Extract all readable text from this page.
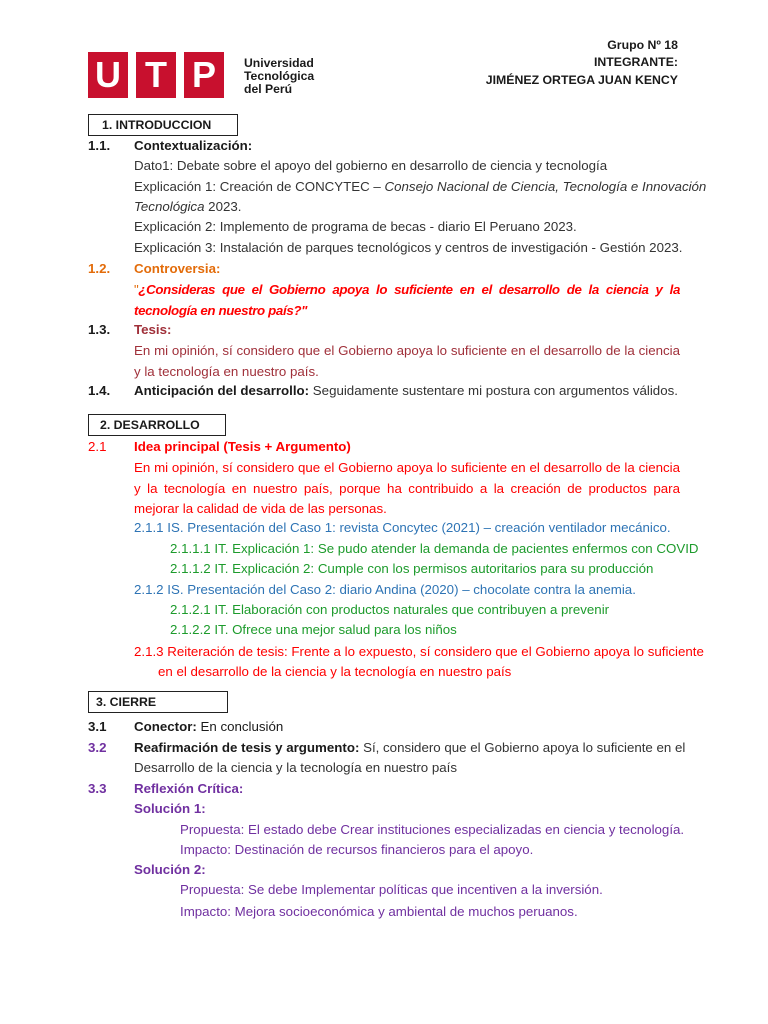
U T P	Universidad
Tecnológica
del Perú
Grupo Nº 18
INTEGRANTE:
JIMÉNEZ ORTEGA JUAN KENCY
1. INTRODUCCION
1.1. Contextualización:
Dato1: Debate sobre el apoyo del gobierno en desarrollo de ciencia y tecnología
Explicación 1: Creación de CONCYTEC – Consejo Nacional de Ciencia, Tecnología e Innovación
Tecnológica 2023.
Explicación 2: Implemento de programa de becas - diario El Peruano 2023.
Explicación 3: Instalación de parques tecnológicos y centros de investigación - Gestión 2023.
1.2. Controversia:
"¿Consideras que el Gobierno apoya lo suficiente en el desarrollo de la ciencia y la tecnología en nuestro país?"
1.3. Tesis:
En mi opinión, sí considero que el Gobierno apoya lo suficiente en el desarrollo de la ciencia y la tecnología en nuestro país.
1.4. Anticipación del desarrollo: Seguidamente sustentare mi postura con argumentos válidos.
2. DESARROLLO
2.1 Idea principal (Tesis + Argumento)
En mi opinión, sí considero que el Gobierno apoya lo suficiente en el desarrollo de la ciencia y la tecnología en nuestro país, porque ha contribuido a la creación de productos para mejorar la calidad de vida de las personas.
2.1.1 IS. Presentación del Caso 1: revista Concytec (2021) – creación ventilador mecánico.
2.1.1.1 IT. Explicación 1: Se pudo atender la demanda de pacientes enfermos con COVID
2.1.1.2 IT. Explicación 2: Cumple con los permisos autoritarios para su producción
2.1.2 IS. Presentación del Caso 2: diario Andina (2020) – chocolate contra la anemia.
2.1.2.1 IT. Elaboración con productos naturales que contribuyen a prevenir
2.1.2.2 IT. Ofrece una mejor salud para los niños
2.1.3 Reiteración de tesis: Frente a lo expuesto, sí considero que el Gobierno apoya lo suficiente
en el desarrollo de la ciencia y la tecnología en nuestro país
3. CIERRE
3.1 Conector: En conclusión
3.2 Reafirmación de tesis y argumento: Sí, considero que el Gobierno apoya lo suficiente en el
Desarrollo de la ciencia y la tecnología en nuestro país
3.3 Reflexión Crítica:
Solución 1:
Propuesta: El estado debe Crear instituciones especializadas en ciencia y tecnología.
Impacto: Destinación de recursos financieros para el apoyo.
Solución 2:
Propuesta: Se debe Implementar políticas que incentiven a la inversión.
Impacto: Mejora socioeconómica y ambiental de muchos peruanos.
